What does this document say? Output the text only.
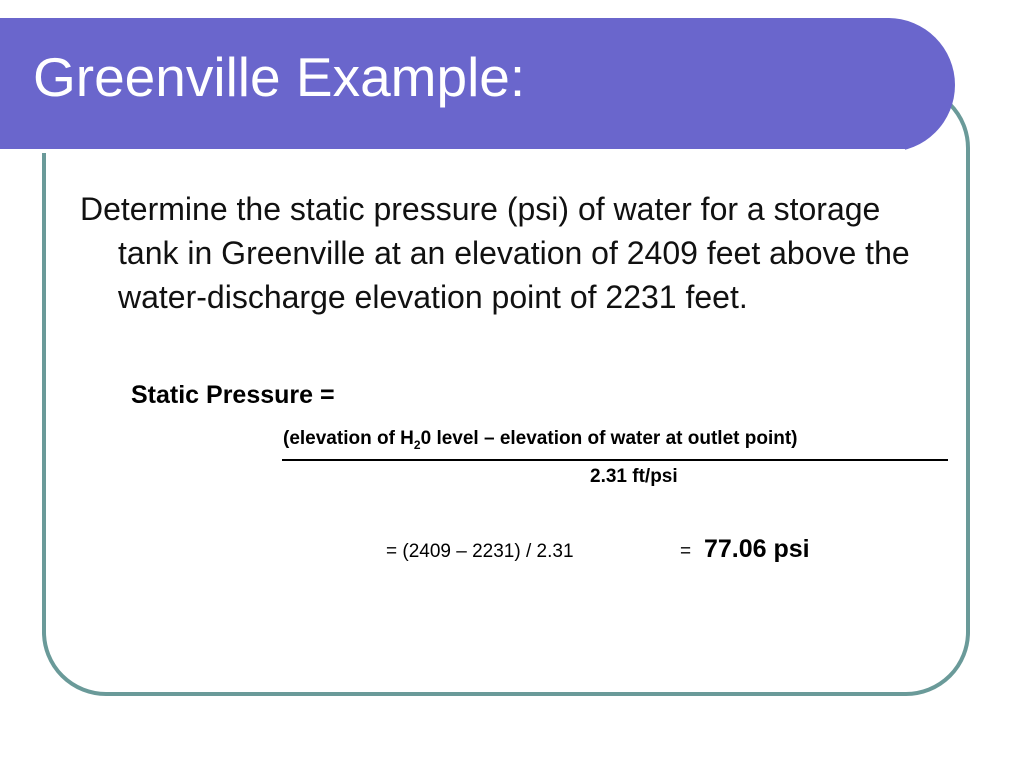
Greenville Example:
Determine the static pressure (psi) of water for a storage tank in Greenville at an elevation of 2409 feet above the water-discharge elevation point of 2231 feet.
Static Pressure =
(elevation of $H_20$ level – elevation of water at outlet point)
2.31 ft/psi
= (2409 – 2231) / 2.31	= 77.06 psi
